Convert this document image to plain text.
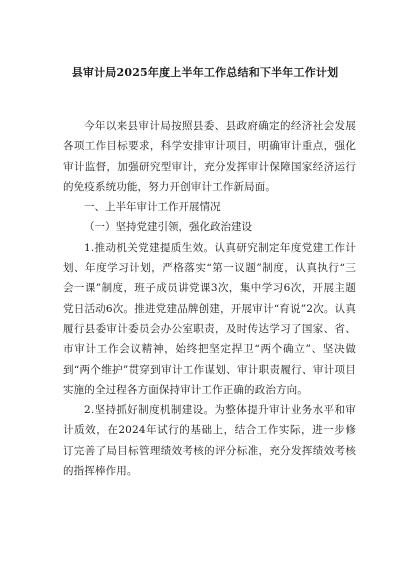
县审计局2025年度上半年工作总结和下半年工作计划

今年以来县审计局按照县委、县政府确定的经济社会发展各项工作目标要求，科学安排审计项目，明确审计重点，强化审计监督，加强研究型审计，充分发挥审计保障国家经济运行的免疫系统功能，努力开创审计工作新局面。

一、上半年审计工作开展情况
（一）坚持党建引领，强化政治建设

1.推动机关党建提质生效。认真研究制定年度党建工作计划、年度学习计划，严格落实“第一议题”制度，认真执行“三会一课”制度，班子成员讲党课3次，集中学习6次，开展主题党日活动6次。推进党建品牌创建，开展审计“育说”2次。认真履行县委审计委员会办公室职责，及时传达学习了国家、省、市审计工作会议精神，始终把坚定捍卫“两个确立”、坚决做到“两个维护”贯穿到审计工作谋划、审计职责履行、审计项目实施的全过程各方面保持审计工作正确的政治方向。

2.坚持抓好制度机制建设。为整体提升审计业务水平和审计质效，在2024年试行的基础上，结合工作实际，进一步修订完善了局目标管理绩效考核的评分标准，充分发挥绩效考核的指挥棒作用。
